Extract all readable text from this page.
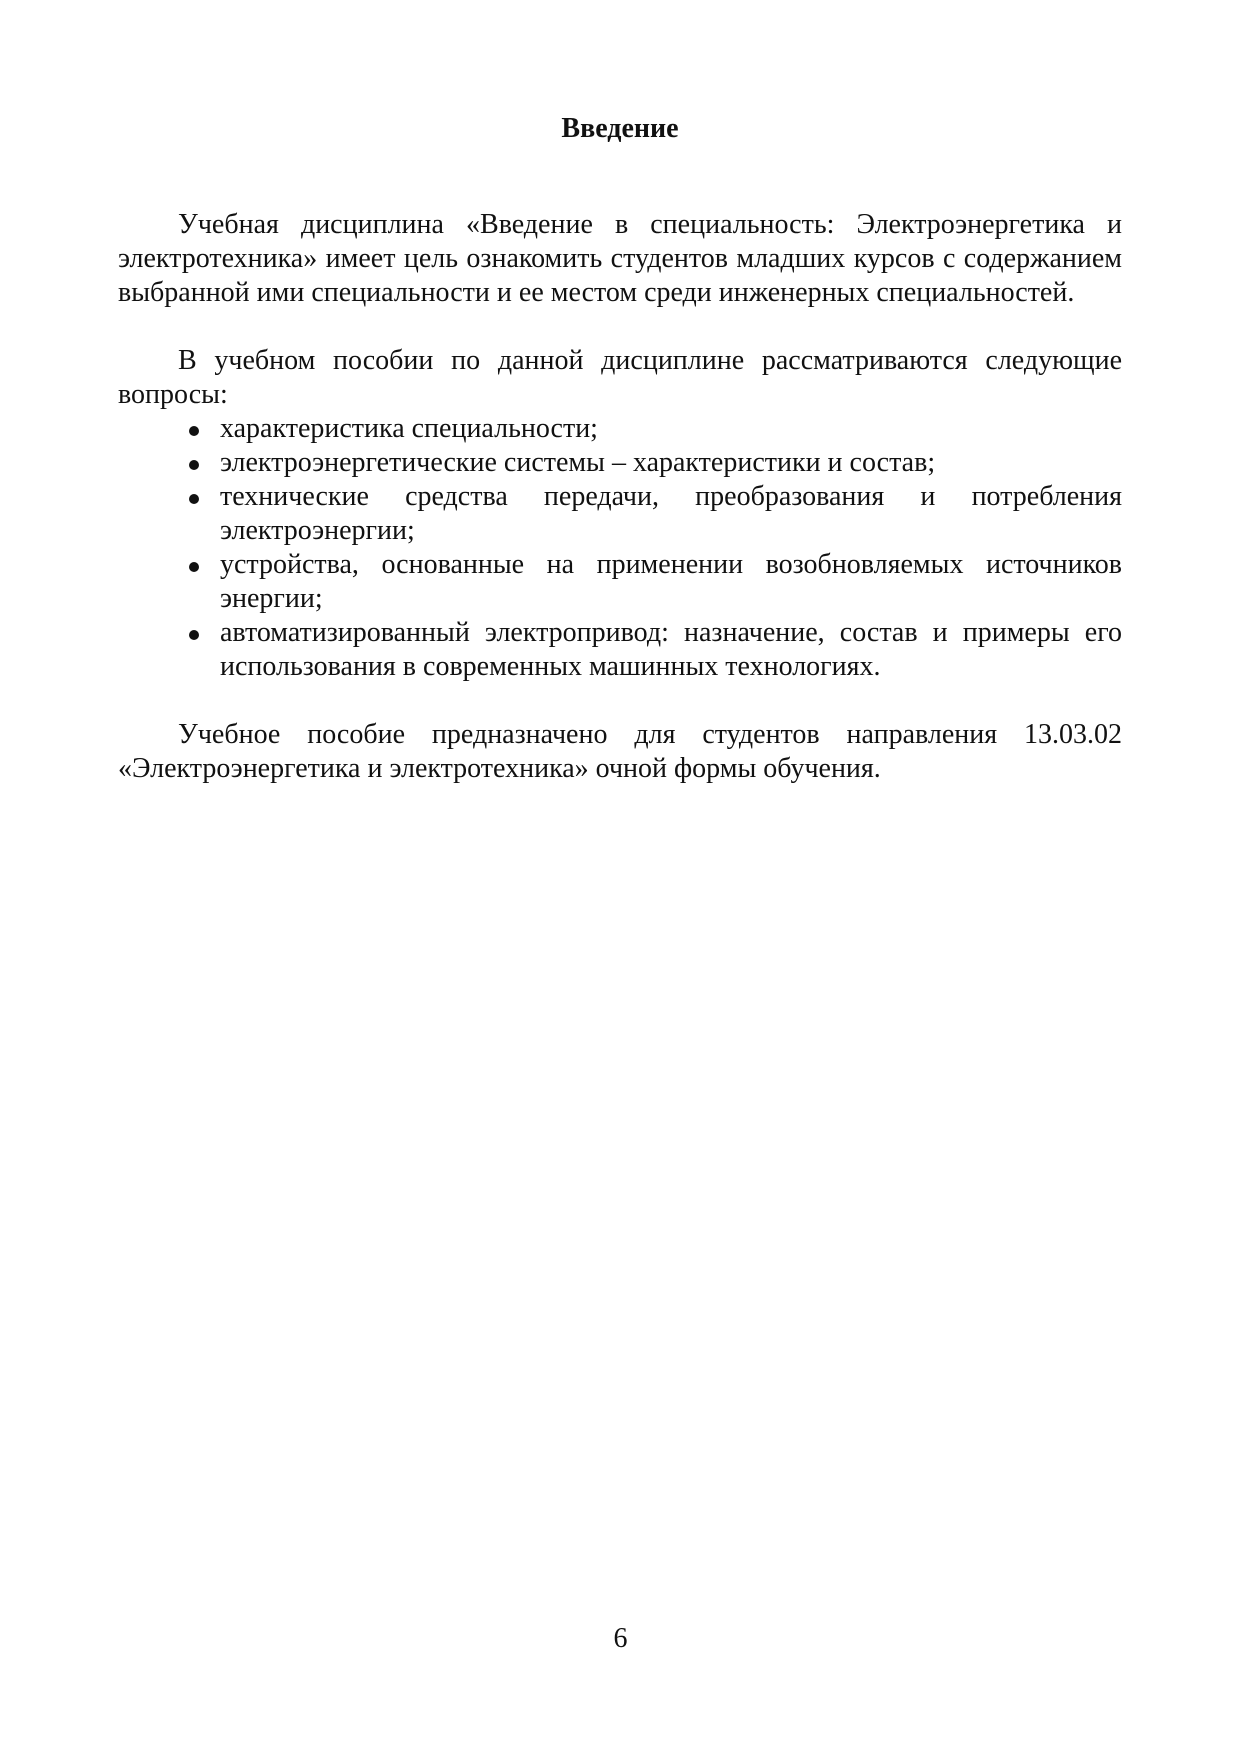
Введение

Учебная дисциплина «Введение в специальность: Электроэнергетика и электротехника» имеет цель ознакомить студентов младших курсов с содержанием выбранной ими специальности и ее местом среди инженерных специальностей.

В учебном пособии по данной дисциплине рассматриваются следующие вопросы:

характеристика специальности;
электроэнергетические системы – характеристики и состав;
технические средства передачи, преобразования и потребления электроэнергии;
устройства, основанные на применении возобновляемых источников энергии;
автоматизированный электропривод: назначение, состав и примеры его использования в современных машинных технологиях.

Учебное пособие предназначено для студентов направления 13.03.02 «Электроэнергетика и электротехника» очной формы обучения.

6
